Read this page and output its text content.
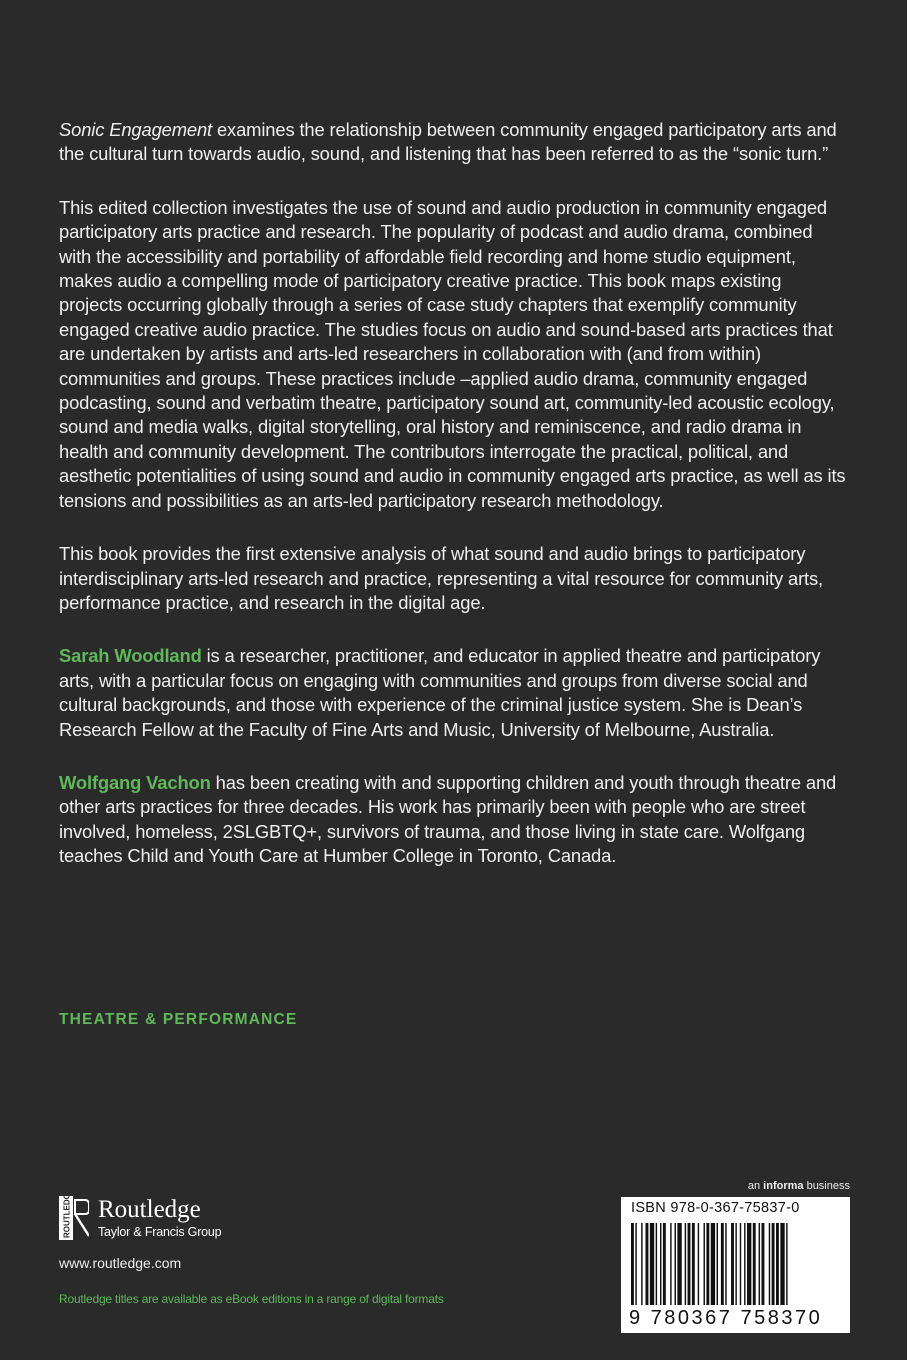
Sonic Engagement examines the relationship between community engaged participatory arts and the cultural turn towards audio, sound, and listening that has been referred to as the “sonic turn.”

This edited collection investigates the use of sound and audio production in community engaged participatory arts practice and research. The popularity of podcast and audio drama, combined with the accessibility and portability of affordable field recording and home studio equipment, makes audio a compelling mode of participatory creative practice. This book maps existing projects occurring globally through a series of case study chapters that exemplify community engaged creative audio practice. The studies focus on audio and sound-based arts practices that are undertaken by artists and arts-led researchers in collaboration with (and from within) communities and groups. These practices include –applied audio drama, community engaged podcasting, sound and verbatim theatre, participatory sound art, community-led acoustic ecology, sound and media walks, digital storytelling, oral history and reminiscence, and radio drama in health and community development. The contributors interrogate the practical, political, and aesthetic potentialities of using sound and audio in community engaged arts practice, as well as its tensions and possibilities as an arts-led participatory research methodology.

This book provides the first extensive analysis of what sound and audio brings to participatory interdisciplinary arts-led research and practice, representing a vital resource for community arts, performance practice, and research in the digital age.

Sarah Woodland is a researcher, practitioner, and educator in applied theatre and participatory arts, with a particular focus on engaging with communities and groups from diverse social and cultural backgrounds, and those with experience of the criminal justice system. She is Dean’s Research Fellow at the Faculty of Fine Arts and Music, University of Melbourne, Australia.

Wolfgang Vachon has been creating with and supporting children and youth through theatre and other arts practices for three decades. His work has primarily been with people who are street involved, homeless, 2SLGBTQ+, survivors of trauma, and those living in state care. Wolfgang teaches Child and Youth Care at Humber College in Toronto, Canada.

THEATRE & PERFORMANCE
ROUTLEDGE Routledge
Taylor & Francis Group
www.routledge.com
Routledge titles are available as eBook editions in a range of digital formats
an informa business
ISBN 978-0-367-75837-0
9 780367 758370
